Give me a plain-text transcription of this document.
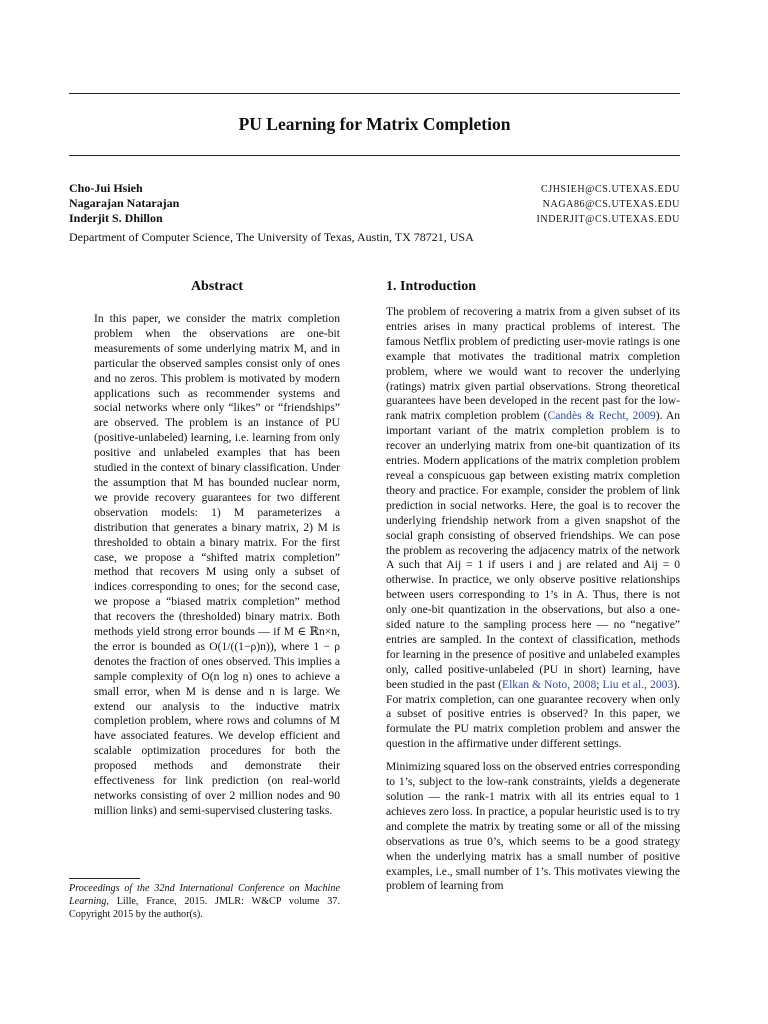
PU Learning for Matrix Completion
Cho-Jui Hsieh
Nagarajan Natarajan
Inderjit S. Dhillon
CJHSIEH@CS.UTEXAS.EDU
NAGA86@CS.UTEXAS.EDU
INDERJIT@CS.UTEXAS.EDU
Department of Computer Science, The University of Texas, Austin, TX 78721, USA
Abstract

In this paper, we consider the matrix completion problem when the observations are one-bit measurements of some underlying matrix M, and in particular the observed samples consist only of ones and no zeros. This problem is motivated by modern applications such as recommender systems and social networks where only “likes” or “friendships” are observed. The problem is an instance of PU (positive-unlabeled) learning, i.e. learning from only positive and unlabeled examples that has been studied in the context of binary classification. Under the assumption that M has bounded nuclear norm, we provide recovery guarantees for two different observation models: 1) M parameterizes a distribution that generates a binary matrix, 2) M is thresholded to obtain a binary matrix. For the first case, we propose a “shifted matrix completion” method that recovers M using only a subset of indices corresponding to ones; for the second case, we propose a “biased matrix completion” method that recovers the (thresholded) binary matrix. Both methods yield strong error bounds — if M ∈ ℝn×n, the error is bounded as O(1/((1−ρ)n)), where 1 − ρ denotes the fraction of ones observed. This implies a sample complexity of O(n log n) ones to achieve a small error, when M is dense and n is large. We extend our analysis to the inductive matrix completion problem, where rows and columns of M have associated features. We develop efficient and scalable optimization procedures for both the proposed methods and demonstrate their effectiveness for link prediction (on real-world networks consisting of over 2 million nodes and 90 million links) and semi-supervised clustering tasks.

1. Introduction

The problem of recovering a matrix from a given subset of its entries arises in many practical problems of interest. The famous Netflix problem of predicting user-movie ratings is one example that motivates the traditional matrix completion problem, where we would want to recover the underlying (ratings) matrix given partial observations. Strong theoretical guarantees have been developed in the recent past for the low-rank matrix completion problem (Candès & Recht, 2009). An important variant of the matrix completion problem is to recover an underlying matrix from one-bit quantization of its entries. Modern applications of the matrix completion problem reveal a conspicuous gap between existing matrix completion theory and practice. For example, consider the problem of link prediction in social networks. Here, the goal is to recover the underlying friendship network from a given snapshot of the social graph consisting of observed friendships. We can pose the problem as recovering the adjacency matrix of the network A such that Aij = 1 if users i and j are related and Aij = 0 otherwise. In practice, we only observe positive relationships between users corresponding to 1’s in A. Thus, there is not only one-bit quantization in the observations, but also a one-sided nature to the sampling process here — no “negative” entries are sampled. In the context of classification, methods for learning in the presence of positive and unlabeled examples only, called positive-unlabeled (PU in short) learning, have been studied in the past (Elkan & Noto, 2008; Liu et al., 2003). For matrix completion, can one guarantee recovery when only a subset of positive entries is observed? In this paper, we formulate the PU matrix completion problem and answer the question in the affirmative under different settings.

Minimizing squared loss on the observed entries corresponding to 1’s, subject to the low-rank constraints, yields a degenerate solution — the rank-1 matrix with all its entries equal to 1 achieves zero loss. In practice, a popular heuristic used is to try and complete the matrix by treating some or all of the missing observations as true 0’s, which seems to be a good strategy when the underlying matrix has a small number of positive examples, i.e., small number of 1’s. This motivates viewing the problem of learning from

Proceedings of the 32nd International Conference on Machine Learning, Lille, France, 2015. JMLR: W&CP volume 37. Copyright 2015 by the author(s).
